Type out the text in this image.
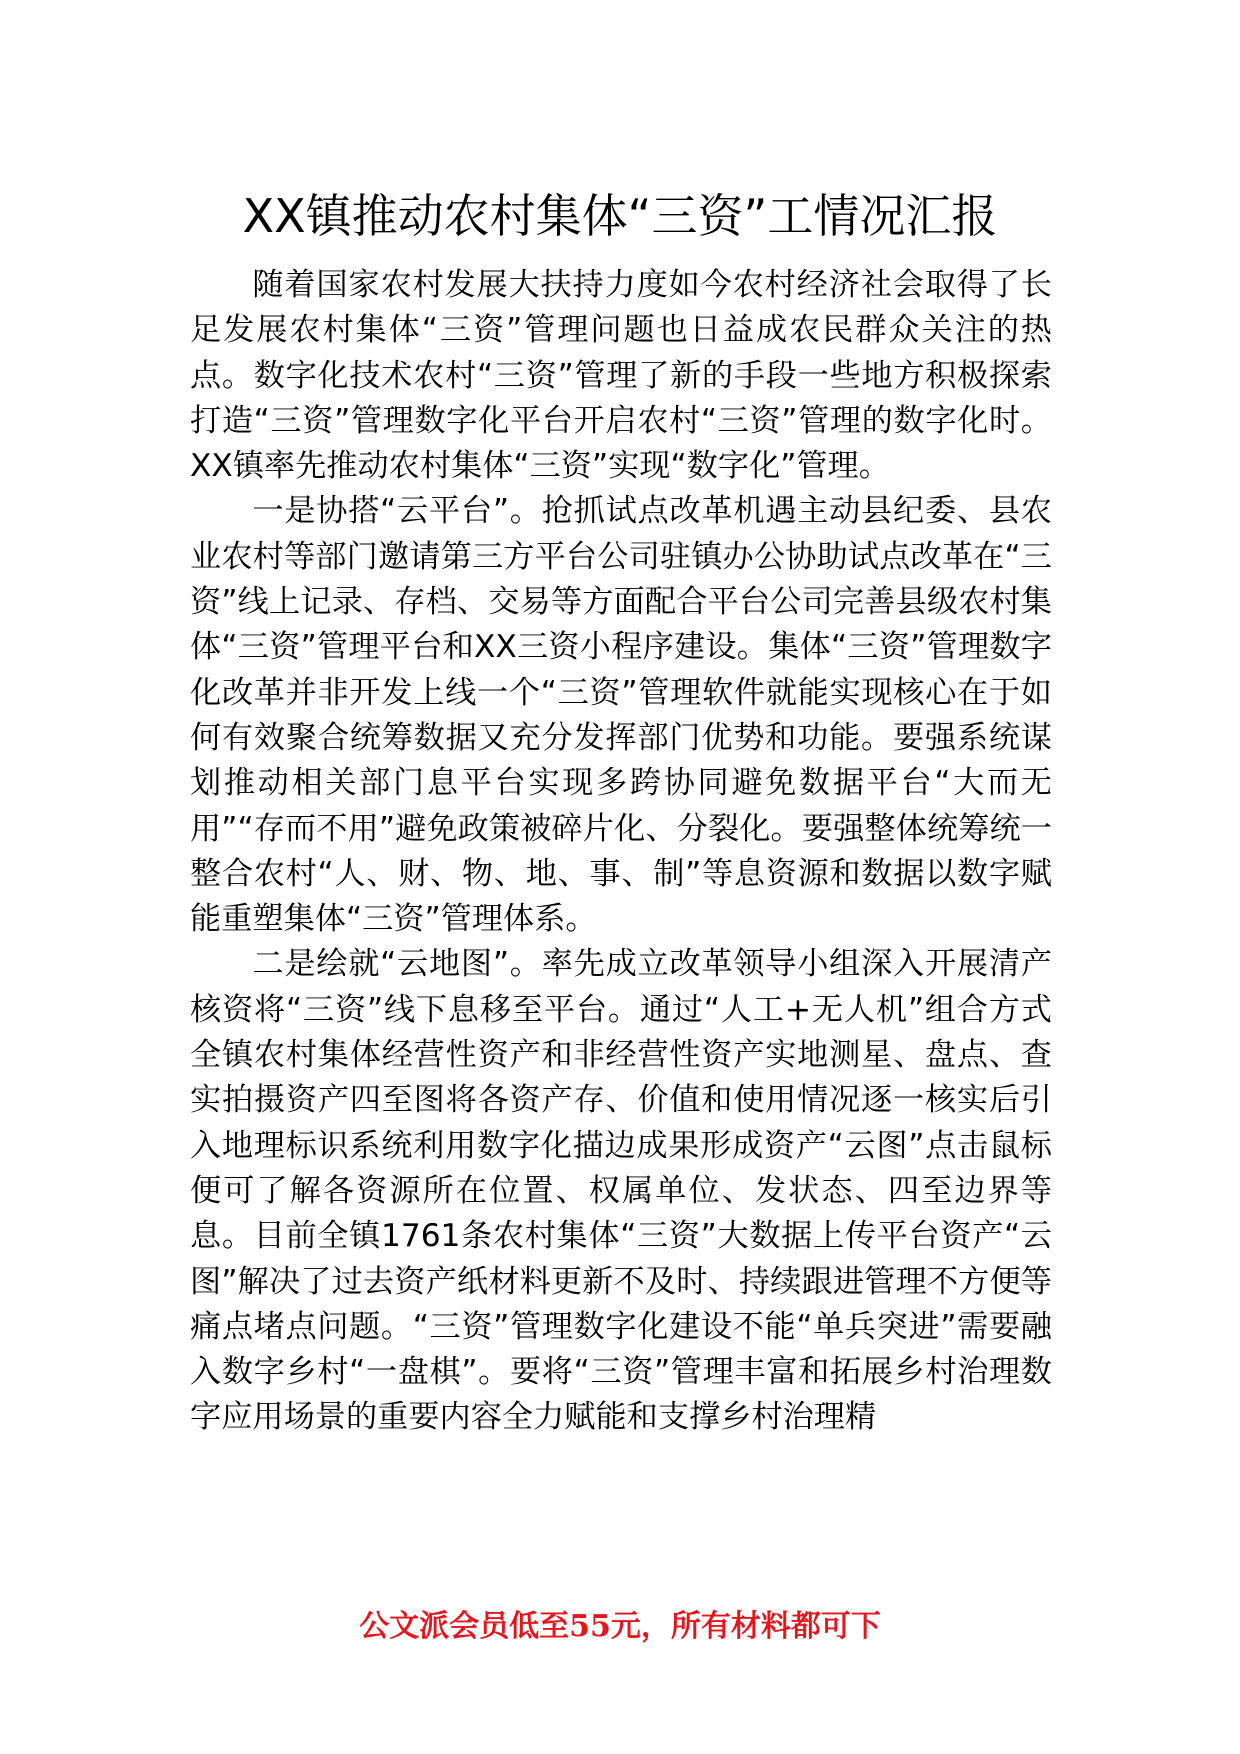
XX镇推动农村集体“三资”工情况汇报

随着国家农村发展大扶持力度如今农村经济社会取得了长足发展农村集体“三资”管理问题也日益成农民群众关注的热点。数字化技术农村“三资”管理了新的手段一些地方积极探索打造“三资”管理数字化平台开启农村“三资”管理的数字化时。XX镇率先推动农村集体“三资”实现“数字化”管理。

一是协搭“云平台”。抢抓试点改革机遇主动县纪委、县农业农村等部门邀请第三方平台公司驻镇办公协助试点改革在“三资”线上记录、存档、交易等方面配合平台公司完善县级农村集体“三资”管理平台和XX三资小程序建设。集体“三资”管理数字化改革并非开发上线一个“三资”管理软件就能实现核心在于如何有效聚合统筹数据又充分发挥部门优势和功能。要强系统谋划推动相关部门息平台实现多跨协同避免数据平台“大而无用”“存而不用”避免政策被碎片化、分裂化。要强整体统筹统一整合农村“人、财、物、地、事、制”等息资源和数据以数字赋能重塑集体“三资”管理体系。

二是绘就“云地图”。率先成立改革领导小组深入开展清产核资将“三资”线下息移至平台。通过“人工+无人机”组合方式全镇农村集体经营性资产和非经营性资产实地测星、盘点、查实拍摄资产四至图将各资产存、价值和使用情况逐一核实后引入地理标识系统利用数字化描边成果形成资产“云图”点击鼠标便可了解各资源所在位置、权属单位、发状态、四至边界等息。目前全镇1761条农村集体“三资”大数据上传平台资产“云图”解决了过去资产纸材料更新不及时、持续跟进管理不方便等痛点堵点问题。“三资”管理数字化建设不能“单兵突进”需要融入数字乡村“一盘棋”。要将“三资”管理丰富和拓展乡村治理数字应用场景的重要内容全力赋能和支撑乡村治理精

公文派会员低至55元，所有材料都可下
